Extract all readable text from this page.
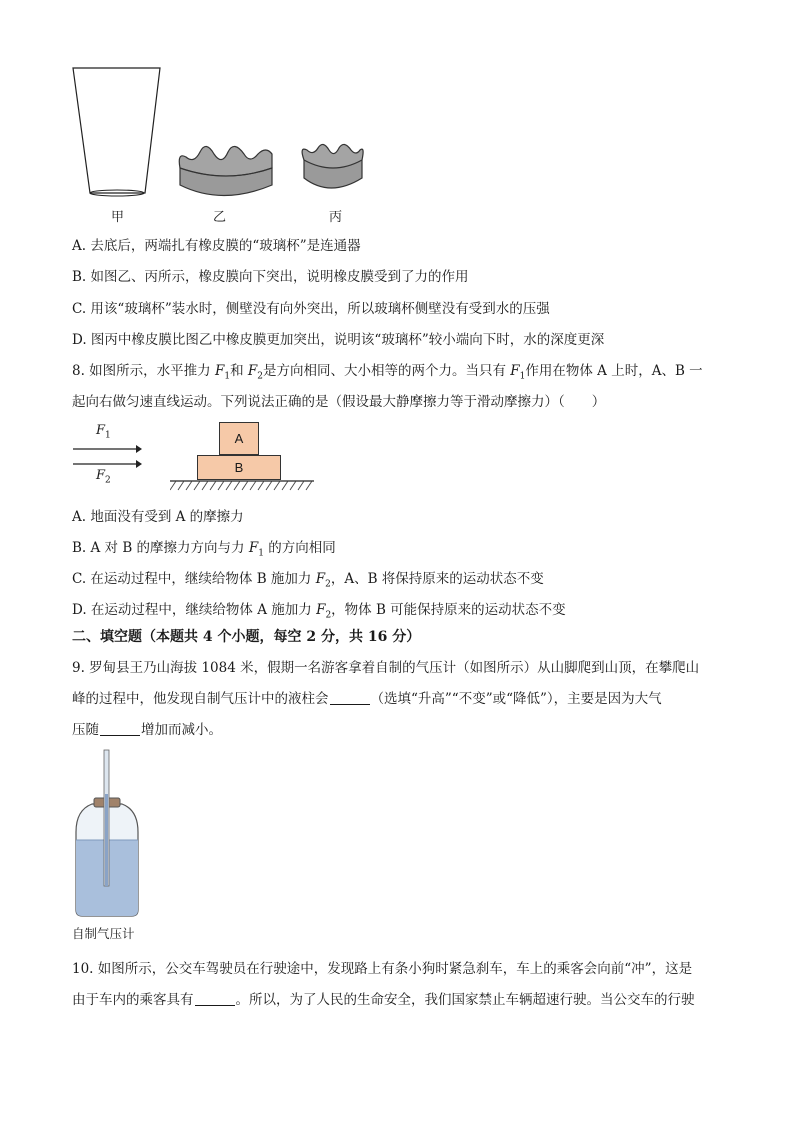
甲	乙	丙
A. 去底后，两端扎有橡皮膜的“玻璃杯”是连通器
B. 如图乙、丙所示，橡皮膜向下突出，说明橡皮膜受到了力的作用
C. 用该“玻璃杯”装水时，侧壁没有向外突出，所以玻璃杯侧壁没有受到水的压强
D. 图丙中橡皮膜比图乙中橡皮膜更加突出，说明该“玻璃杯”较小端向下时，水的深度更深
8. 如图所示，水平推力 $F_1$和 $F_2$是方向相同、大小相等的两个力。当只有 $F_1$作用在物体 A 上时，A、B 一
起向右做匀速直线运动。下列说法正确的是（假设最大静摩擦力等于滑动摩擦力）（　　）
$F_1$
$F_2$
A
B
A. 地面没有受到 A 的摩擦力
B. A 对 B 的摩擦力方向与力 $F_1$ 的方向相同
C. 在运动过程中，继续给物体 B 施加力 $F_2$，A、B 将保持原来的运动状态不变
D. 在运动过程中，继续给物体 A 施加力 $F_2$，物体 B 可能保持原来的运动状态不变
二、填空题（本题共 4 个小题，每空 2 分，共 16 分）
9. 罗甸县王乃山海拔 1084 米，假期一名游客拿着自制的气压计（如图所示）从山脚爬到山顶，在攀爬山
峰的过程中，他发现自制气压计中的液柱会	（选填“升高”“不变”或“降低”），主要是因为大气
压随	增加而减小。
自制气压计
10. 如图所示，公交车驾驶员在行驶途中，发现路上有条小狗时紧急刹车，车上的乘客会向前“冲”，这是
由于车内的乘客具有	。所以，为了人民的生命安全，我们国家禁止车辆超速行驶。当公交车的行驶
